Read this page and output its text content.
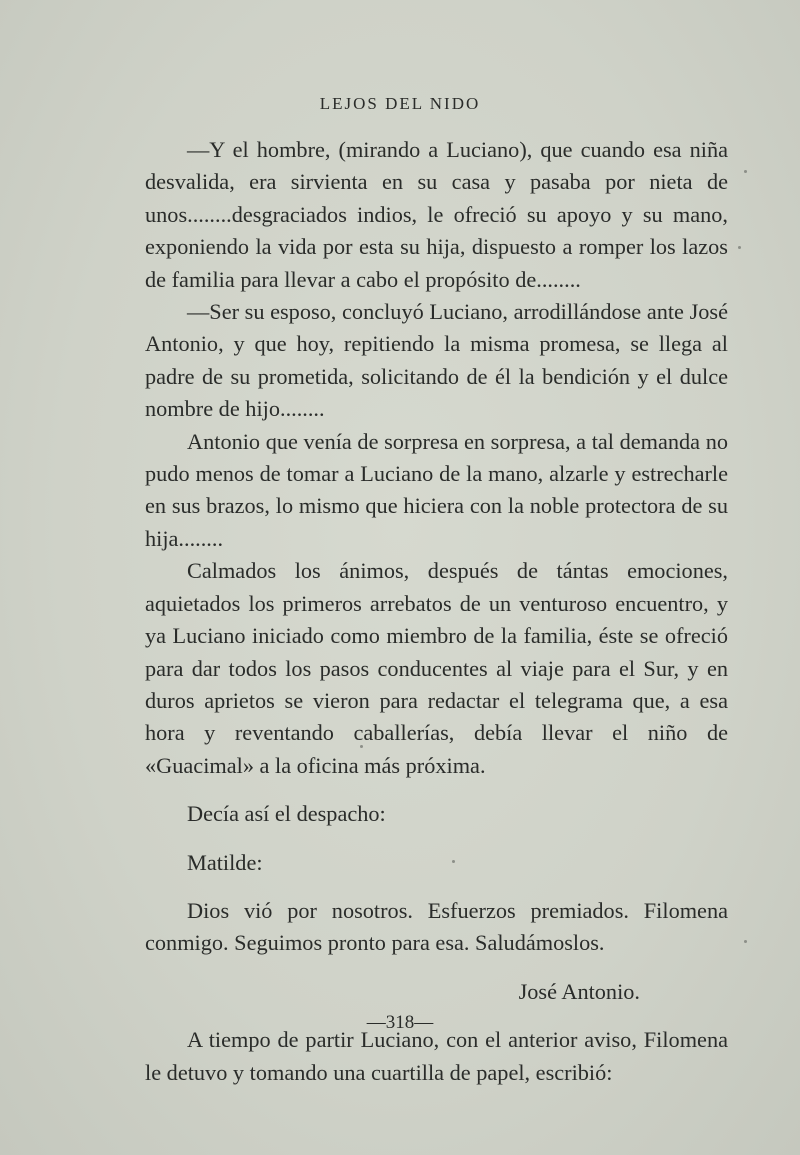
LEJOS DEL NIDO

—Y el hombre, (mirando a Luciano), que cuando esa niña desvalida, era sirvienta en su casa y pasaba por nieta de unos........desgraciados indios, le ofreció su apoyo y su mano, exponiendo la vida por esta su hija, dispuesto a romper los lazos de familia para llevar a cabo el propósito de........

—Ser su esposo, concluyó Luciano, arrodillándose ante José Antonio, y que hoy, repitiendo la misma promesa, se llega al padre de su prometida, solicitando de él la bendición y el dulce nombre de hijo........

Antonio que venía de sorpresa en sorpresa, a tal demanda no pudo menos de tomar a Luciano de la mano, alzarle y estrecharle en sus brazos, lo mismo que hiciera con la noble protectora de su hija........

Calmados los ánimos, después de tántas emociones, aquietados los primeros arrebatos de un venturoso encuentro, y ya Luciano iniciado como miembro de la familia, éste se ofreció para dar todos los pasos conducentes al viaje para el Sur, y en duros aprietos se vieron para redactar el telegrama que, a esa hora y reventando caballerías, debía llevar el niño de «Guacimal» a la oficina más próxima.

Decía así el despacho:

Matilde:

Dios vió por nosotros. Esfuerzos premiados. Filomena conmigo. Seguimos pronto para esa. Saludámoslos.

José Antonio.

A tiempo de partir Luciano, con el anterior aviso, Filomena le detuvo y tomando una cuartilla de papel, escribió:

—318—
